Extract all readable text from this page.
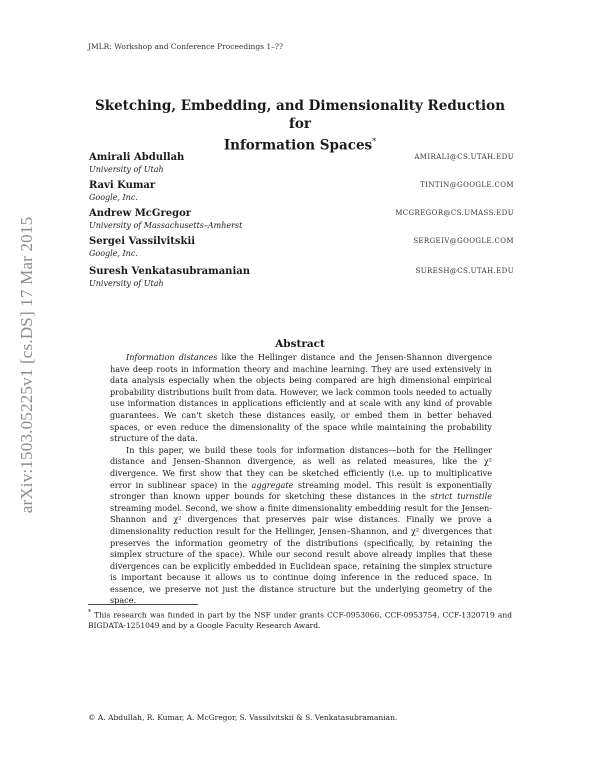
JMLR: Workshop and Conference Proceedings 1–??
arXiv:1503.05225v1 [cs.DS] 17 Mar 2015
Sketching, Embedding, and Dimensionality Reduction for
Information Spaces*
Amirali Abdullah
University of Utah
AMIRALI@CS.UTAH.EDU
Ravi Kumar
Google, Inc.
TINTIN@GOOGLE.COM
Andrew McGregor
University of Massachusetts–Amherst
MCGREGOR@CS.UMASS.EDU
Sergei Vassilvitskii
Google, Inc.
SERGEIV@GOOGLE.COM
Suresh Venkatasubramanian
University of Utah
SURESH@CS.UTAH.EDU
Abstract

Information distances like the Hellinger distance and the Jensen-Shannon divergence have deep roots in information theory and machine learning. They are used extensively in data analysis especially when the objects being compared are high dimensional empirical probability distributions built from data. However, we lack common tools needed to actually use information distances in applications efficiently and at scale with any kind of provable guarantees. We can't sketch these distances easily, or embed them in better behaved spaces, or even reduce the dimensionality of the space while maintaining the probability structure of the data.

In this paper, we build these tools for information distances—both for the Hellinger distance and Jensen–Shannon divergence, as well as related measures, like the χ² divergence. We first show that they can be sketched efficiently (i.e. up to multiplicative error in sublinear space) in the aggregate streaming model. This result is exponentially stronger than known upper bounds for sketching these distances in the strict turnstile streaming model. Second, we show a finite dimensionality embedding result for the Jensen-Shannon and χ² divergences that preserves pair wise distances. Finally we prove a dimensionality reduction result for the Hellinger, Jensen–Shannon, and χ² divergences that preserves the information geometry of the distributions (specifically, by retaining the simplex structure of the space). While our second result above already implies that these divergences can be explicitly embedded in Euclidean space, retaining the simplex structure is important because it allows us to continue doing inference in the reduced space. In essence, we preserve not just the distance structure but the underlying geometry of the space.

* This research was funded in part by the NSF under grants CCF-0953066, CCF-0953754, CCF-1320719 and BIGDATA-1251049 and by a Google Faculty Research Award.
© A. Abdullah, R. Kumar, A. McGregor, S. Vassilvitskii & S. Venkatasubramanian.
